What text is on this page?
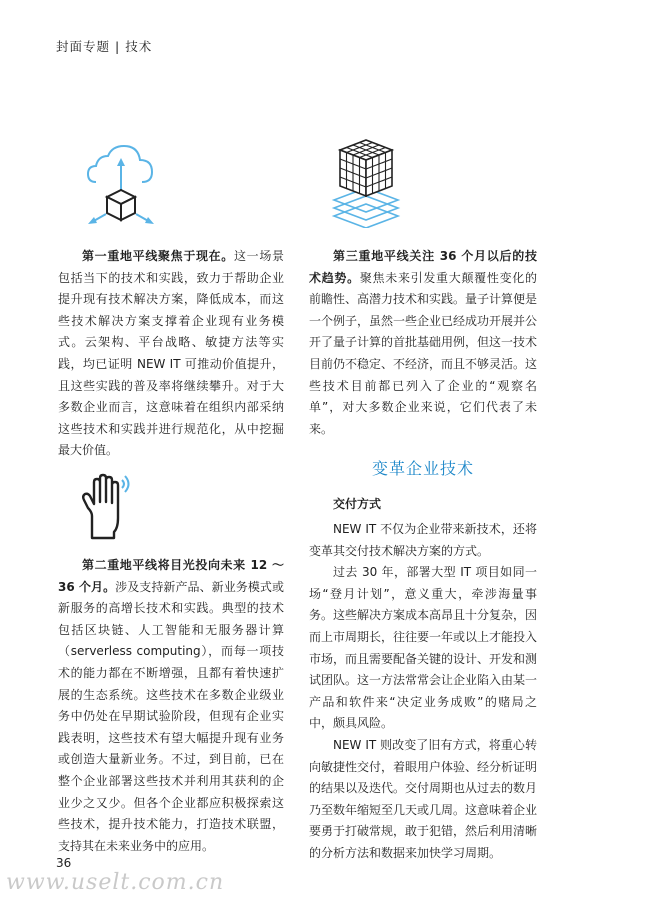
封面专题 | 技术

第一重地平线聚焦于现在。这一场景包括当下的技术和实践，致力于帮助企业提升现有技术解决方案，降低成本，而这些技术解决方案支撑着企业现有业务模式。云架构、平台战略、敏捷方法等实践，均已证明 NEW IT 可推动价值提升，且这些实践的普及率将继续攀升。对于大多数企业而言，这意味着在组织内部采纳这些技术和实践并进行规范化，从中挖掘最大价值。

第二重地平线将目光投向未来 12 ～ 36 个月。涉及支持新产品、新业务模式或新服务的高增长技术和实践。典型的技术包括区块链、人工智能和无服务器计算（serverless computing），而每一项技术的能力都在不断增强，且都有着快速扩展的生态系统。这些技术在多数企业级业务中仍处在早期试验阶段，但现有企业实践表明，这些技术有望大幅提升现有业务或创造大量新业务。不过，到目前，已在整个企业部署这些技术并利用其获利的企业少之又少。但各个企业都应积极探索这些技术，提升技术能力，打造技术联盟，支持其在未来业务中的应用。

第三重地平线关注 36 个月以后的技术趋势。聚焦未来引发重大颠覆性变化的前瞻性、高潜力技术和实践。量子计算便是一个例子，虽然一些企业已经成功开展并公开了量子计算的首批基础用例，但这一技术目前仍不稳定、不经济，而且不够灵活。这些技术目前都已列入了企业的“观察名单”，对大多数企业来说，它们代表了未来。

变革企业技术
交付方式

NEW IT 不仅为企业带来新技术，还将变革其交付技术解决方案的方式。

过去 30 年，部署大型 IT 项目如同一场“登月计划”，意义重大，牵涉海量事务。这些解决方案成本高昂且十分复杂，因而上市周期长，往往要一年或以上才能投入市场，而且需要配备关键的设计、开发和测试团队。这一方法常常会让企业陷入由某一产品和软件来“决定业务成败”的赌局之中，颇具风险。

NEW IT 则改变了旧有方式，将重心转向敏捷性交付，着眼用户体验、经分析证明的结果以及迭代。交付周期也从过去的数月乃至数年缩短至几天或几周。这意味着企业要勇于打破常规，敢于犯错，然后利用清晰的分析方法和数据来加快学习周期。

36
www.uselt.com.cn
